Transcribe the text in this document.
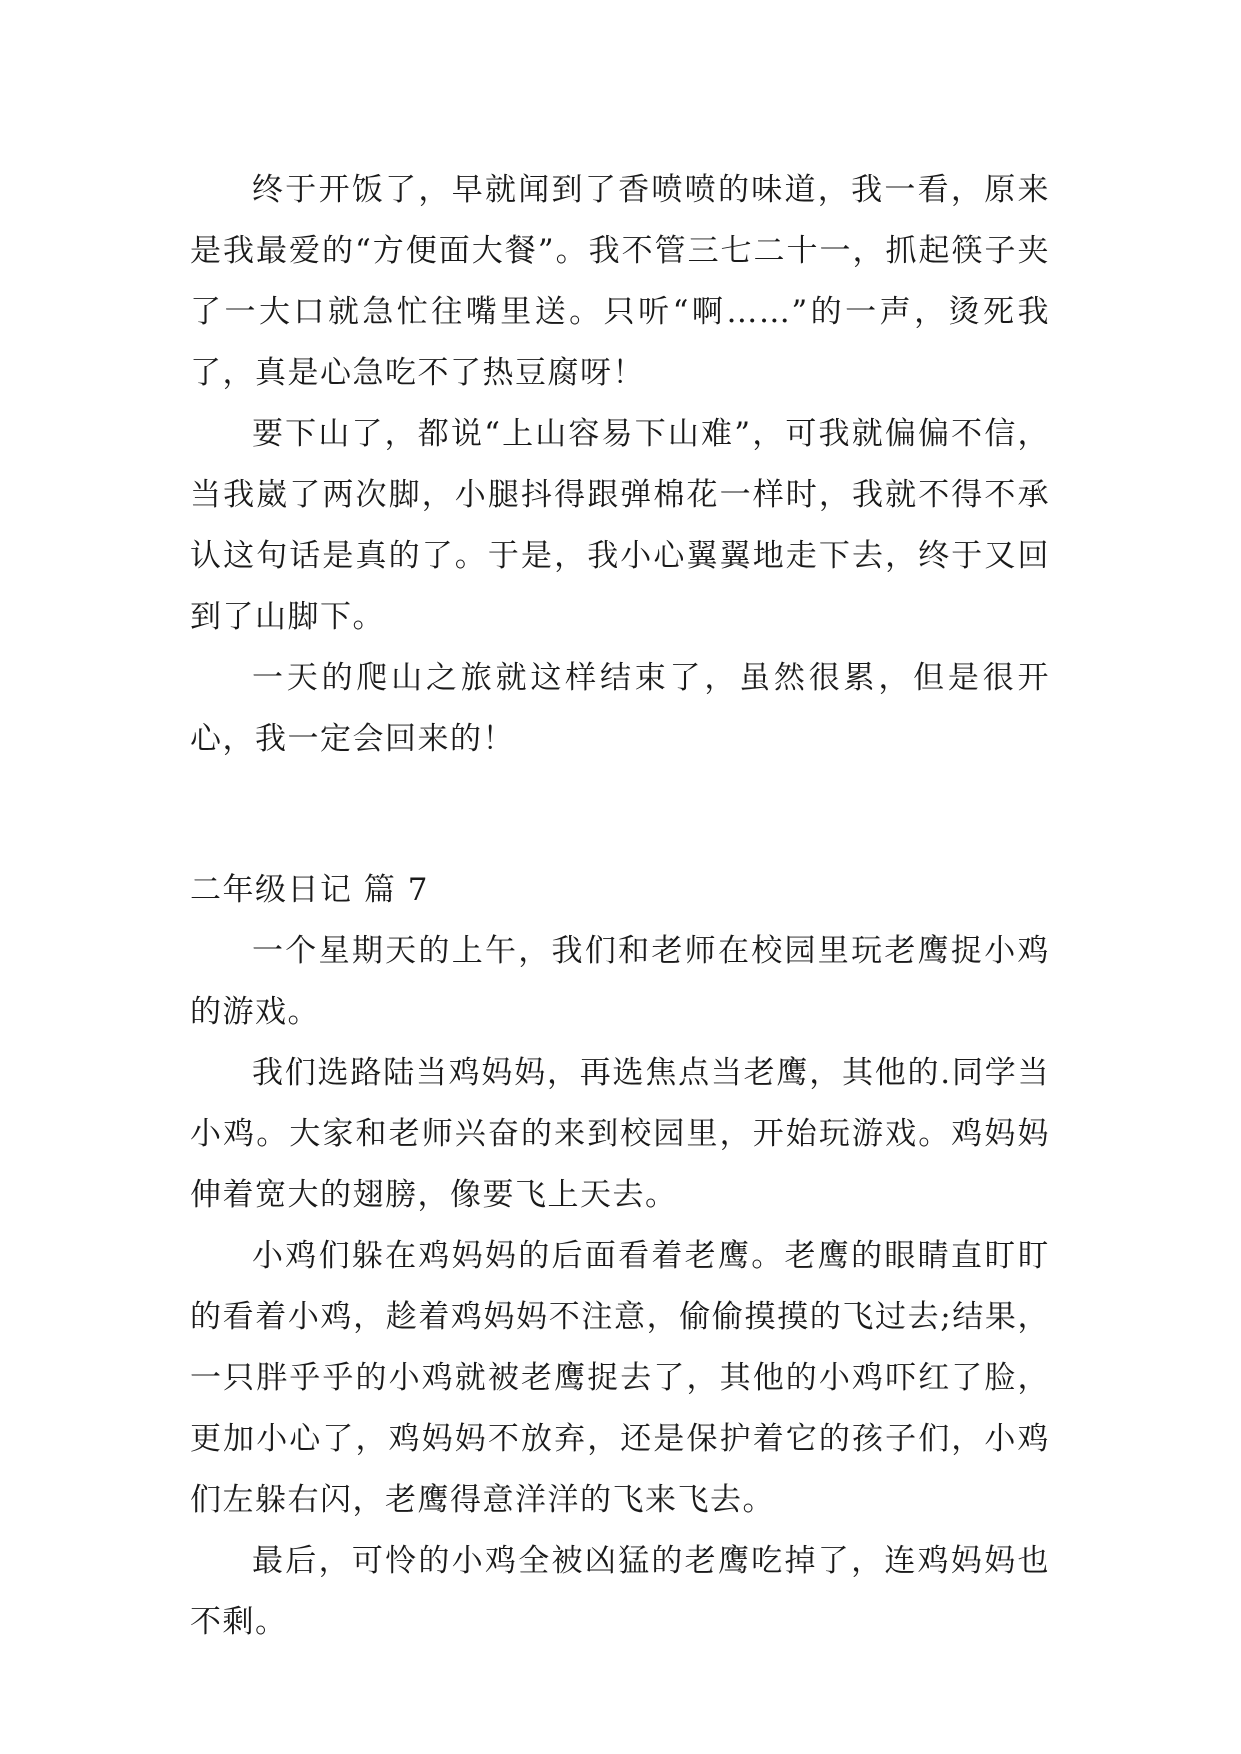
终于开饭了，早就闻到了香喷喷的味道，我一看，原来是我最爱的“方便面大餐”。我不管三七二十一，抓起筷子夹了一大口就急忙往嘴里送。只听“啊……”的一声，烫死我了，真是心急吃不了热豆腐呀！

要下山了，都说“上山容易下山难”，可我就偏偏不信，当我崴了两次脚，小腿抖得跟弹棉花一样时，我就不得不承认这句话是真的了。于是，我小心翼翼地走下去，终于又回到了山脚下。

一天的爬山之旅就这样结束了，虽然很累，但是很开心，我一定会回来的！

二年级日记 篇 7

一个星期天的上午，我们和老师在校园里玩老鹰捉小鸡的游戏。

我们选路陆当鸡妈妈，再选焦点当老鹰，其他的.同学当小鸡。大家和老师兴奋的来到校园里，开始玩游戏。鸡妈妈伸着宽大的翅膀，像要飞上天去。

小鸡们躲在鸡妈妈的后面看着老鹰。老鹰的眼睛直盯盯的看着小鸡，趁着鸡妈妈不注意，偷偷摸摸的飞过去;结果，一只胖乎乎的小鸡就被老鹰捉去了，其他的小鸡吓红了脸，更加小心了，鸡妈妈不放弃，还是保护着它的孩子们，小鸡们左躲右闪，老鹰得意洋洋的飞来飞去。

最后，可怜的小鸡全被凶猛的老鹰吃掉了，连鸡妈妈也不剩。
